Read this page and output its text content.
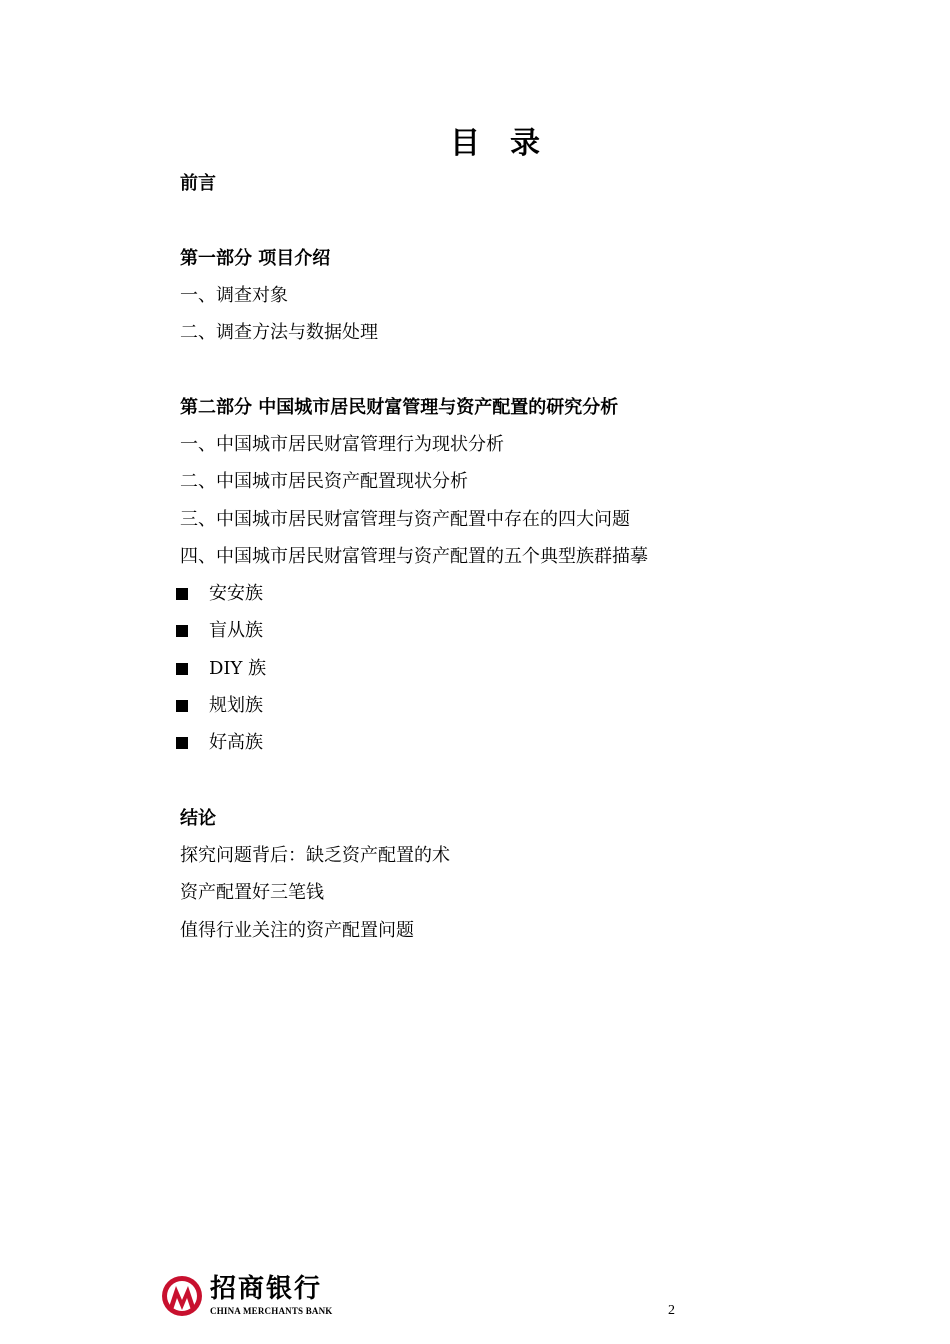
目 录
前言
第一部分 项目介绍
一、调查对象
二、调查方法与数据处理
第二部分 中国城市居民财富管理与资产配置的研究分析
一、中国城市居民财富管理行为现状分析
二、中国城市居民资产配置现状分析
三、中国城市居民财富管理与资产配置中存在的四大问题
四、中国城市居民财富管理与资产配置的五个典型族群描摹
安安族
盲从族
DIY 族
规划族
好高族
结论
探究问题背后：缺乏资产配置的术
资产配置好三笔钱
值得行业关注的资产配置问题
招商银行
CHINA MERCHANTS BANK	2
